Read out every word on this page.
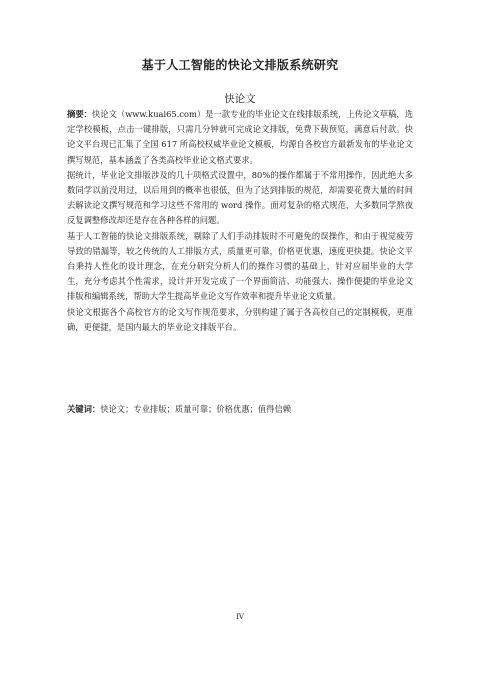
基于人工智能的快论文排版系统研究
快论文

摘要：快论文（www.kuai65.com）是一款专业的毕业论文在线排版系统，上传论文草稿，选定学校模板，点击一键排版，只需几分钟就可完成论文排版，免费下载预览，满意后付款。快论文平台现已汇集了全国 617 所高校权威毕业论文模板，均源自各校官方最新发布的毕业论文撰写规范，基本涵盖了各类高校毕业论文格式要求。

据统计，毕业论文排版涉及的几十项格式设置中，80%的操作都属于不常用操作，因此绝大多数同学以前没用过，以后用到的概率也很低，但为了达到排版的规范，却需要花费大量的时间去解读论文撰写规范和学习这些不常用的 word 操作。面对复杂的格式规范，大多数同学熬夜反复调整修改却还是存在各种各样的问题。

基于人工智能的快论文排版系统，剔除了人们手动排版时不可避免的误操作，和由于视觉疲劳导致的错漏等，较之传统的人工排版方式，质量更可靠，价格更优惠，速度更快捷。快论文平台秉持人性化的设计理念，在充分研究分析人们的操作习惯的基础上，针对应届毕业的大学生，充分考虑其个性需求，设计并开发完成了一个界面简洁、功能强大、操作便捷的毕业论文排版和编辑系统，帮助大学生提高毕业论文写作效率和提升毕业论文质量。

快论文根据各个高校官方的论文写作规范要求，分别构建了属于各高校自己的定制模板，更准确，更便捷，是国内最大的毕业论文排版平台。

关键词：快论文；专业排版；质量可靠；价格优惠；值得信赖
IV
